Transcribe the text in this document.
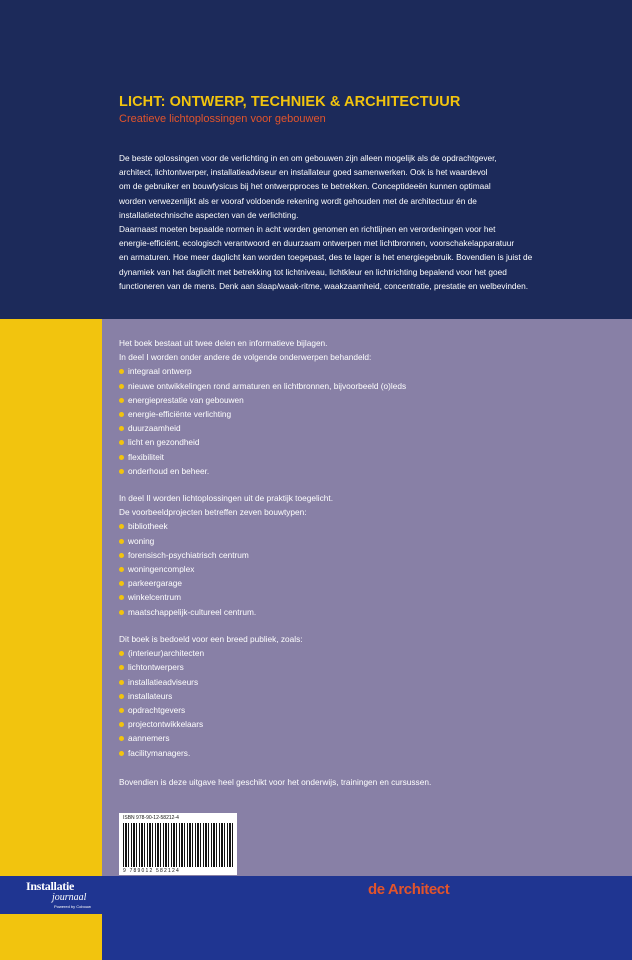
LICHT: ONTWERP, TECHNIEK & ARCHITECTUUR
Creatieve lichtoplossingen voor gebouwen

De beste oplossingen voor de verlichting in en om gebouwen zijn alleen mogelijk als de opdrachtgever,

architect, lichtontwerper, installatieadviseur en installateur goed samenwerken. Ook is het waardevol

om de gebruiker en bouwfysicus bij het ontwerpproces te betrekken. Conceptideeën kunnen optimaal

worden verwezenlijkt als er vooraf voldoende rekening wordt gehouden met de architectuur én de

installatietechnische aspecten van de verlichting.

Daarnaast moeten bepaalde normen in acht worden genomen en richtlijnen en verordeningen voor het

energie-efficiënt, ecologisch verantwoord en duurzaam ontwerpen met lichtbronnen, voorschakelapparatuur

en armaturen. Hoe meer daglicht kan worden toegepast, des te lager is het energiegebruik. Bovendien is juist de

dynamiek van het daglicht met betrekking tot lichtniveau, lichtkleur en lichtrichting bepalend voor het goed

functioneren van de mens. Denk aan slaap/waak-ritme, waakzaamheid, concentratie, prestatie en welbevinden.

Het boek bestaat uit twee delen en informatieve bijlagen.

In deel I worden onder andere de volgende onderwerpen behandeld:

integraal ontwerp
nieuwe ontwikkelingen rond armaturen en lichtbronnen, bijvoorbeeld (o)leds
energieprestatie van gebouwen
energie-efficiënte verlichting
duurzaamheid
licht en gezondheid
flexibiliteit
onderhoud en beheer.

In deel II worden lichtoplossingen uit de praktijk toegelicht.

De voorbeeldprojecten betreffen zeven bouwtypen:

bibliotheek
woning
forensisch-psychiatrisch centrum
woningencomplex
parkeergarage
winkelcentrum
maatschappelijk-cultureel centrum.

Dit boek is bedoeld voor een breed publiek, zoals:

(interieur)architecten
lichtontwerpers
installatieadviseurs
installateurs
opdrachtgevers
projectontwikkelaars
aannemers
facilitymanagers.

Bovendien is deze uitgave heel geschikt voor het onderwijs, trainingen en cursussen.

ISBN 978-90-12-58212-4
9 789012 582124
Installatie
journaal
Powered by Cobouw
de Architect
